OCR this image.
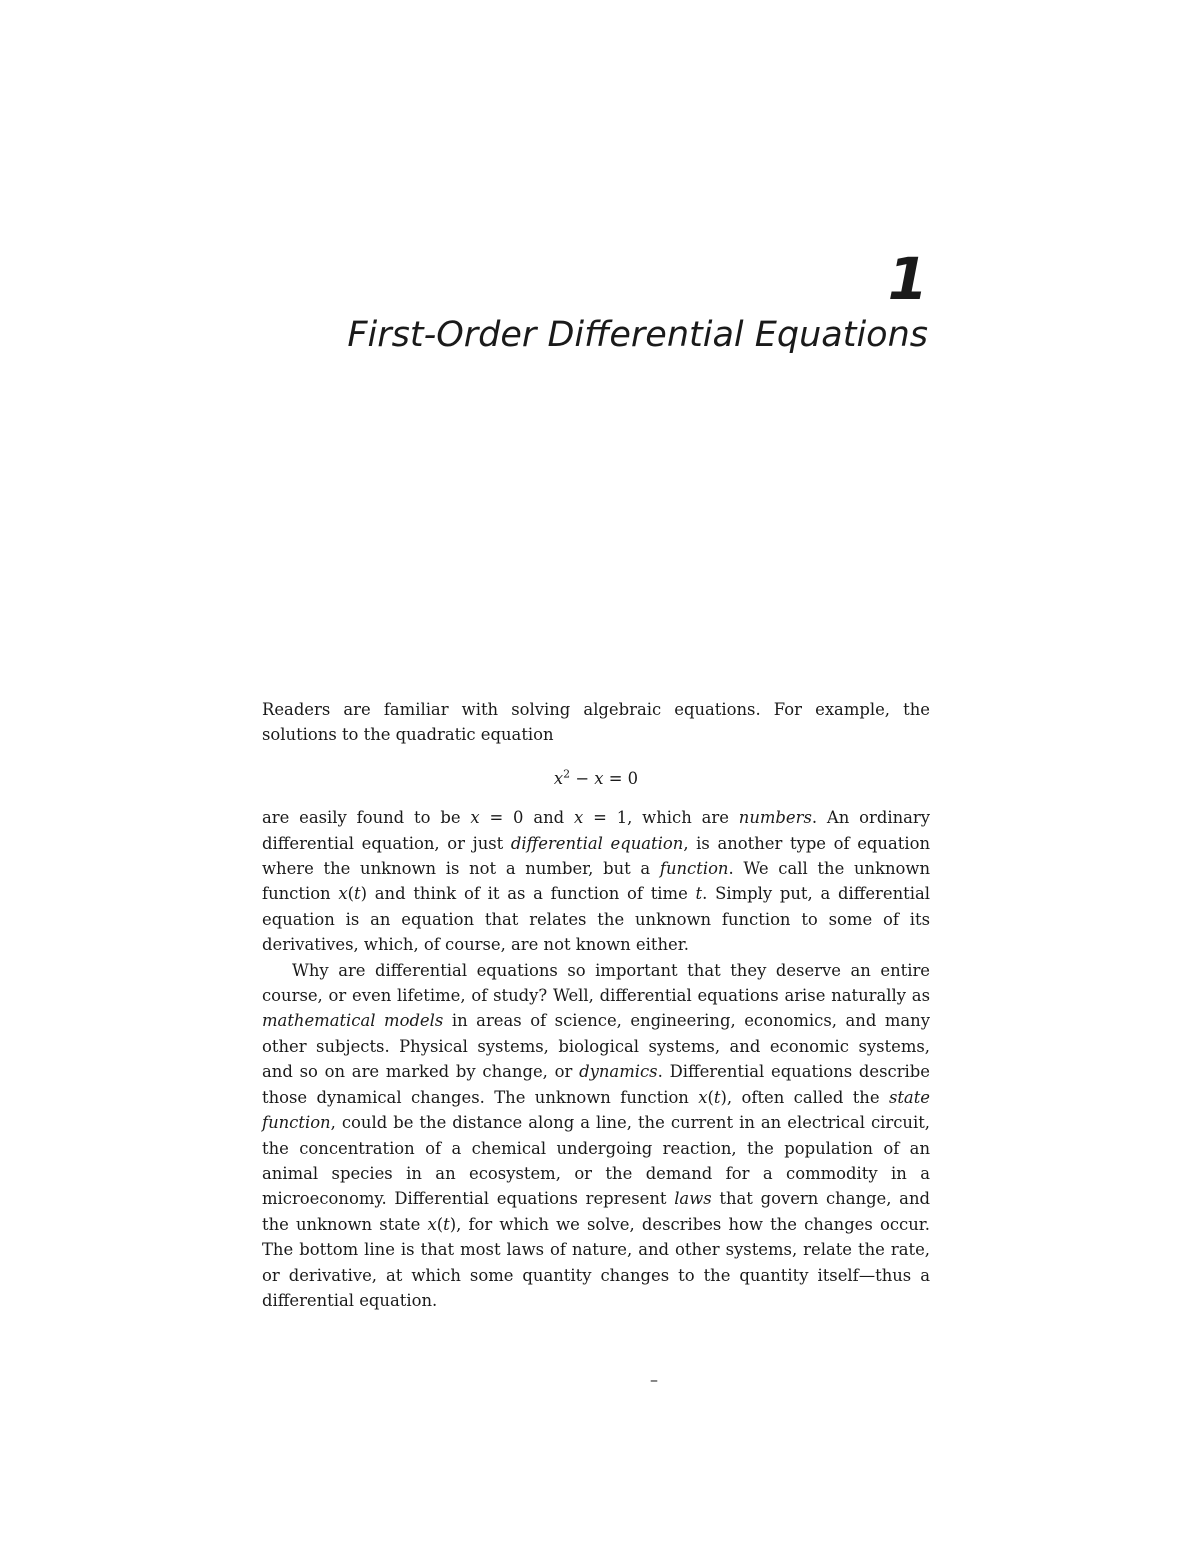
1
First-Order Differential Equations

Readers are familiar with solving algebraic equations. For example, the solutions to the quadratic equation

$x^2 - x = 0$

are easily found to be x = 0 and x = 1, which are numbers. An ordinary differential equation, or just differential equation, is another type of equation where the unknown is not a number, but a function. We call the unknown function x(t) and think of it as a function of time t. Simply put, a differential equation is an equation that relates the unknown function to some of its derivatives, which, of course, are not known either.

Why are differential equations so important that they deserve an entire course, or even lifetime, of study? Well, differential equations arise naturally as mathematical models in areas of science, engineering, economics, and many other subjects. Physical systems, biological systems, and economic systems, and so on are marked by change, or dynamics. Differential equations describe those dynamical changes. The unknown function x(t), often called the state function, could be the distance along a line, the current in an electrical circuit, the concentration of a chemical undergoing reaction, the population of an animal species in an ecosystem, or the demand for a commodity in a microeconomy. Differential equations represent laws that govern change, and the unknown state x(t), for which we solve, describes how the changes occur. The bottom line is that most laws of nature, and other systems, relate the rate, or derivative, at which some quantity changes to the quantity itself—thus a differential equation.

–
